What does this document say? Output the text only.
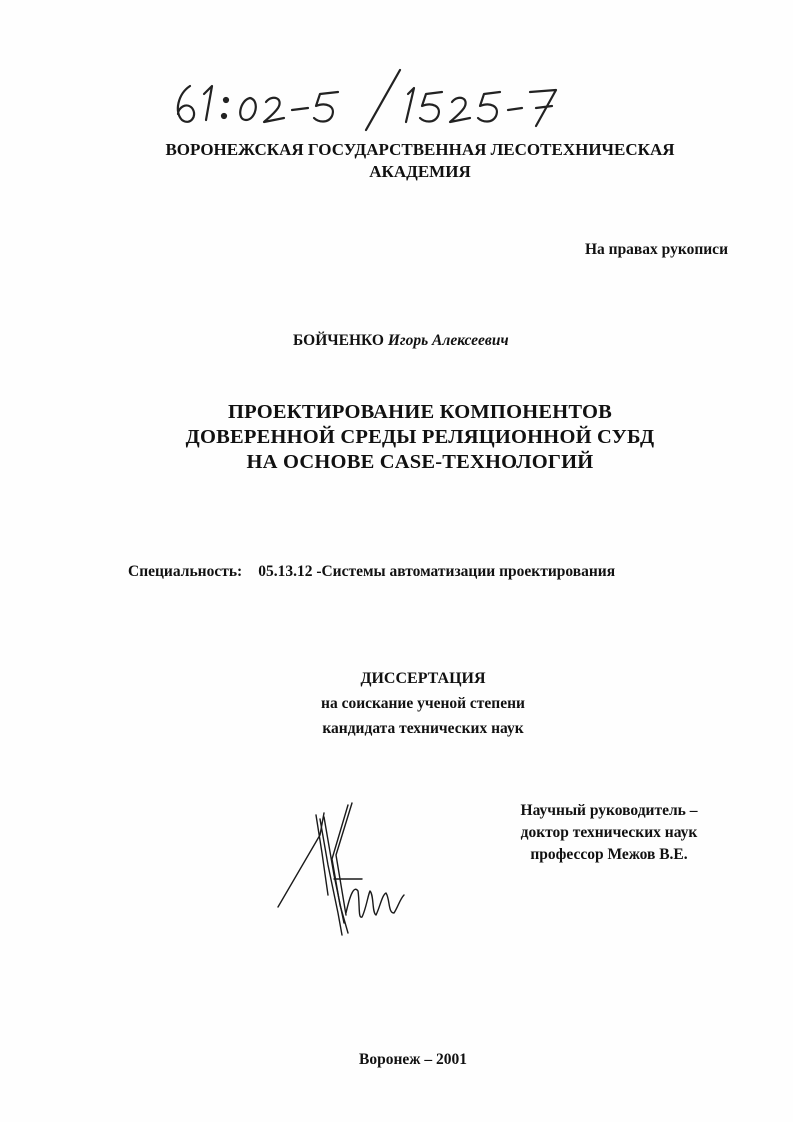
ВОРОНЕЖСКАЯ ГОСУДАРСТВЕННАЯ ЛЕСОТЕХНИЧЕСКАЯ
АКАДЕМИЯ
На правах рукописи
БОЙЧЕНКО Игорь Алексеевич
ПРОЕКТИРОВАНИЕ КОМПОНЕНТОВ
ДОВЕРЕННОЙ СРЕДЫ РЕЛЯЦИОННОЙ СУБД
НА ОСНОВЕ CASE-ТЕХНОЛОГИЙ
Специальность: 05.13.12 -Системы автоматизации проектирования
ДИССЕРТАЦИЯ
на соискание ученой степени
кандидата технических наук
Научный руководитель –
доктор технических наук
профессор Межов В.Е.
Воронеж – 2001
